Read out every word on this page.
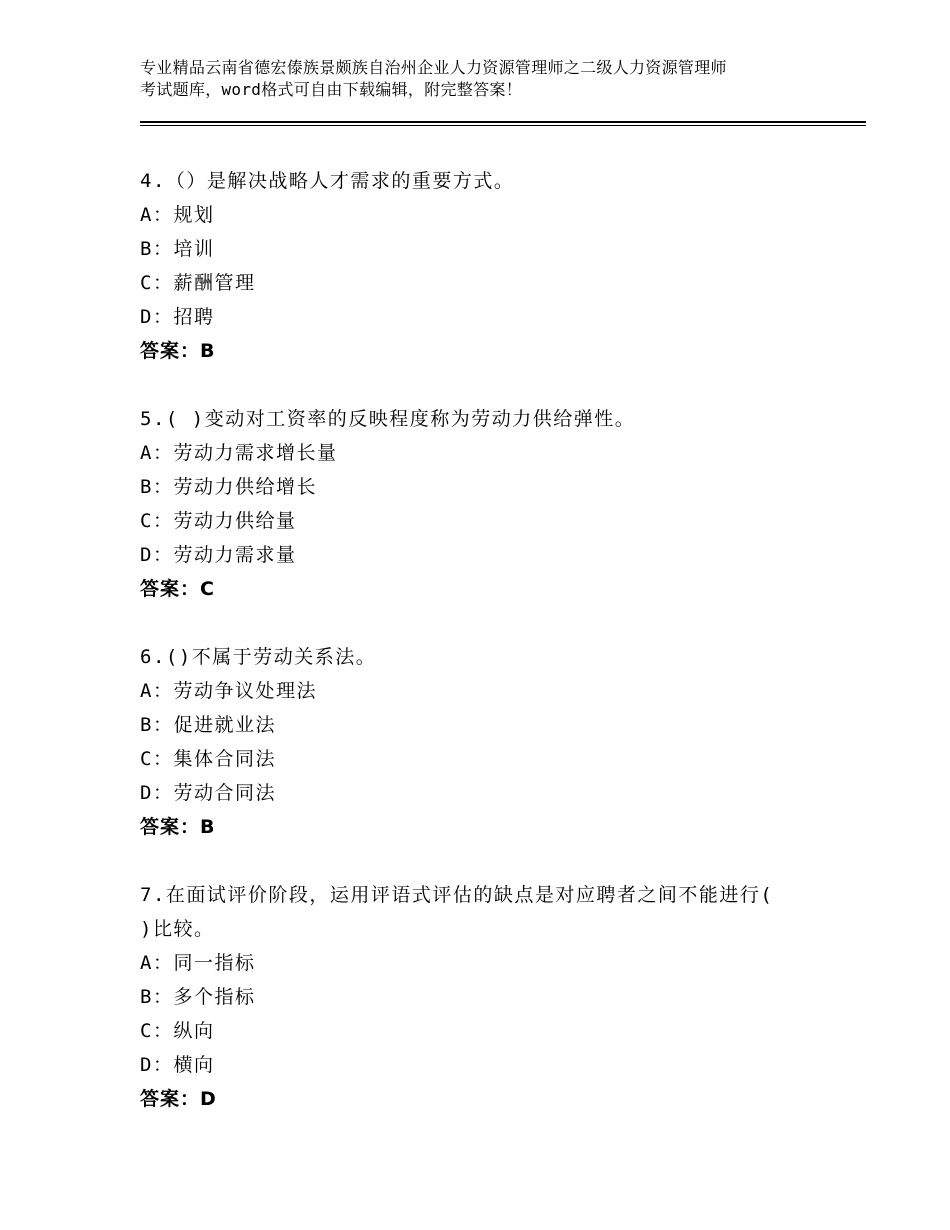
专业精品云南省德宏傣族景颇族自治州企业人力资源管理师之二级人力资源管理师
考试题库，word格式可自由下载编辑，附完整答案！

4.（）是解决战略人才需求的重要方式。

A：规划

B：培训

C：薪酬管理

D：招聘

答案：B

5.( )变动对工资率的反映程度称为劳动力供给弹性。

A：劳动力需求增长量

B：劳动力供给增长

C：劳动力供给量

D：劳动力需求量

答案：C

6.()不属于劳动关系法。

A：劳动争议处理法

B：促进就业法

C：集体合同法

D：劳动合同法

答案：B

7.在面试评价阶段，运用评语式评估的缺点是对应聘者之间不能进行(

)比较。

A：同一指标

B：多个指标

C：纵向

D：横向

答案：D
